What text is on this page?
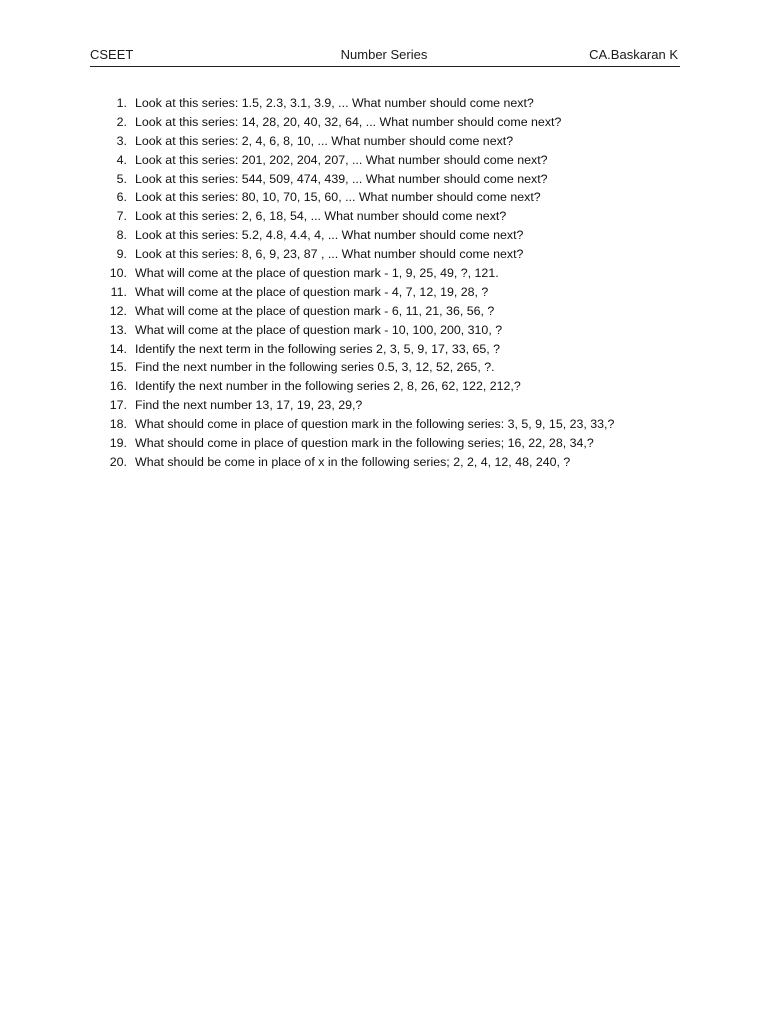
CSEET	Number Series	CA.Baskaran K
1 . Look at this series: 1.5, 2.3, 3.1, 3.9, ... What number should come next?
2 . Look at this series: 14, 28, 20, 40, 32, 64, ... What number should come next?
3 . Look at this series: 2, 4, 6, 8, 10, ... What number should come next?
4 . Look at this series: 201, 202, 204, 207, ... What number should come next?
5 . Look at this series: 544, 509, 474, 439, ... What number should come next?
6 . Look at this series: 80, 10, 70, 15, 60, ... What number should come next?
7 . Look at this series: 2, 6, 18, 54, ... What number should come next?
8 . Look at this series: 5.2, 4.8, 4.4, 4, ... What number should come next?
9 . Look at this series: 8, 6, 9, 23, 87 , ... What number should come next?
10 . What will come at the place of question mark - 1, 9, 25, 49, ?, 121.
11 . What will come at the place of question mark - 4, 7, 12, 19, 28, ?
12 . What will come at the place of question mark - 6, 11, 21, 36, 56, ?
13 . What will come at the place of question mark - 10, 100, 200, 310, ?
14 . Identify the next term in the following series 2, 3, 5, 9, 17, 33, 65, ?
15 . Find the next number in the following series 0.5, 3, 12, 52, 265, ?.
16 . Identify the next number in the following series 2, 8, 26, 62, 122, 212,?
17 . Find the next number 13, 17, 19, 23, 29,?
18 . What should come in place of question mark in the following series: 3, 5, 9, 15, 23, 33,?
19 . What should come in place of question mark in the following series; 16, 22, 28, 34,?
20 . What should be come in place of x in the following series; 2, 2, 4, 12, 48, 240, ?
